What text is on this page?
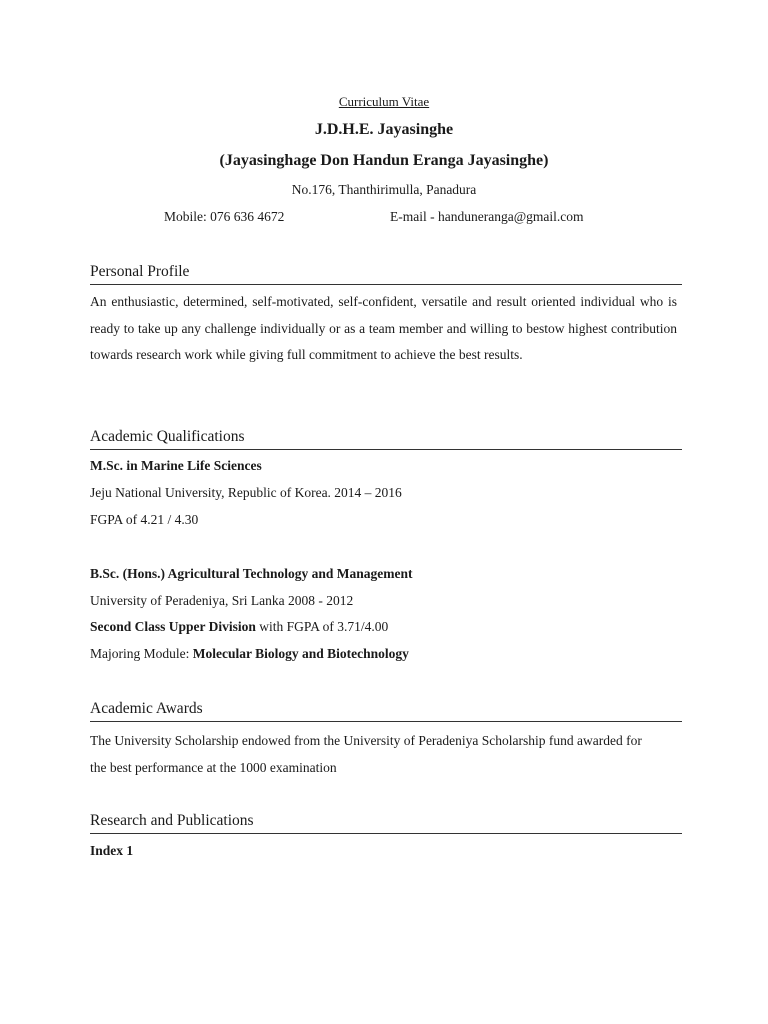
Curriculum Vitae
J.D.H.E. Jayasinghe
(Jayasinghage Don Handun Eranga Jayasinghe)
No.176, Thanthirimulla, Panadura
Mobile: 076 636 4672	E-mail - handuneranga@gmail.com
Personal Profile
An enthusiastic, determined, self-motivated, self-confident, versatile and result oriented individual who is ready to take up any challenge individually or as a team member and willing to bestow highest contribution towards research work while giving full commitment to achieve the best results.
Academic Qualifications
M.Sc. in Marine Life Sciences
Jeju National University, Republic of Korea. 2014 – 2016
FGPA of 4.21 / 4.30
B.Sc. (Hons.) Agricultural Technology and Management
University of Peradeniya, Sri Lanka 2008 - 2012
Second Class Upper Division with FGPA of 3.71/4.00
Majoring Module: Molecular Biology and Biotechnology
Academic Awards
The University Scholarship endowed from the University of Peradeniya Scholarship fund awarded for the best performance at the 1000 examination
Research and Publications
Index 1
